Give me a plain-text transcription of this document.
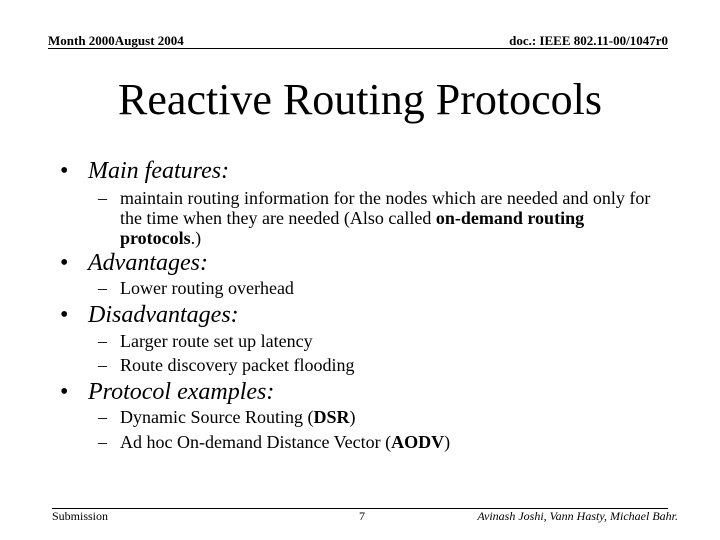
Month 2000August 2004	doc.: IEEE 802.11-00/1047r0
Reactive Routing Protocols
• Main features:
– maintain routing information for the nodes which are needed and only for the time when they are needed (Also called on-demand routing protocols.)
• Advantages:
– Lower routing overhead
• Disadvantages:
– Larger route set up latency
– Route discovery packet flooding
• Protocol examples:
– Dynamic Source Routing (DSR)
– Ad hoc On-demand Distance Vector (AODV)
Submission	7	Avinash Joshi, Vann Hasty, Michael Bahr.
